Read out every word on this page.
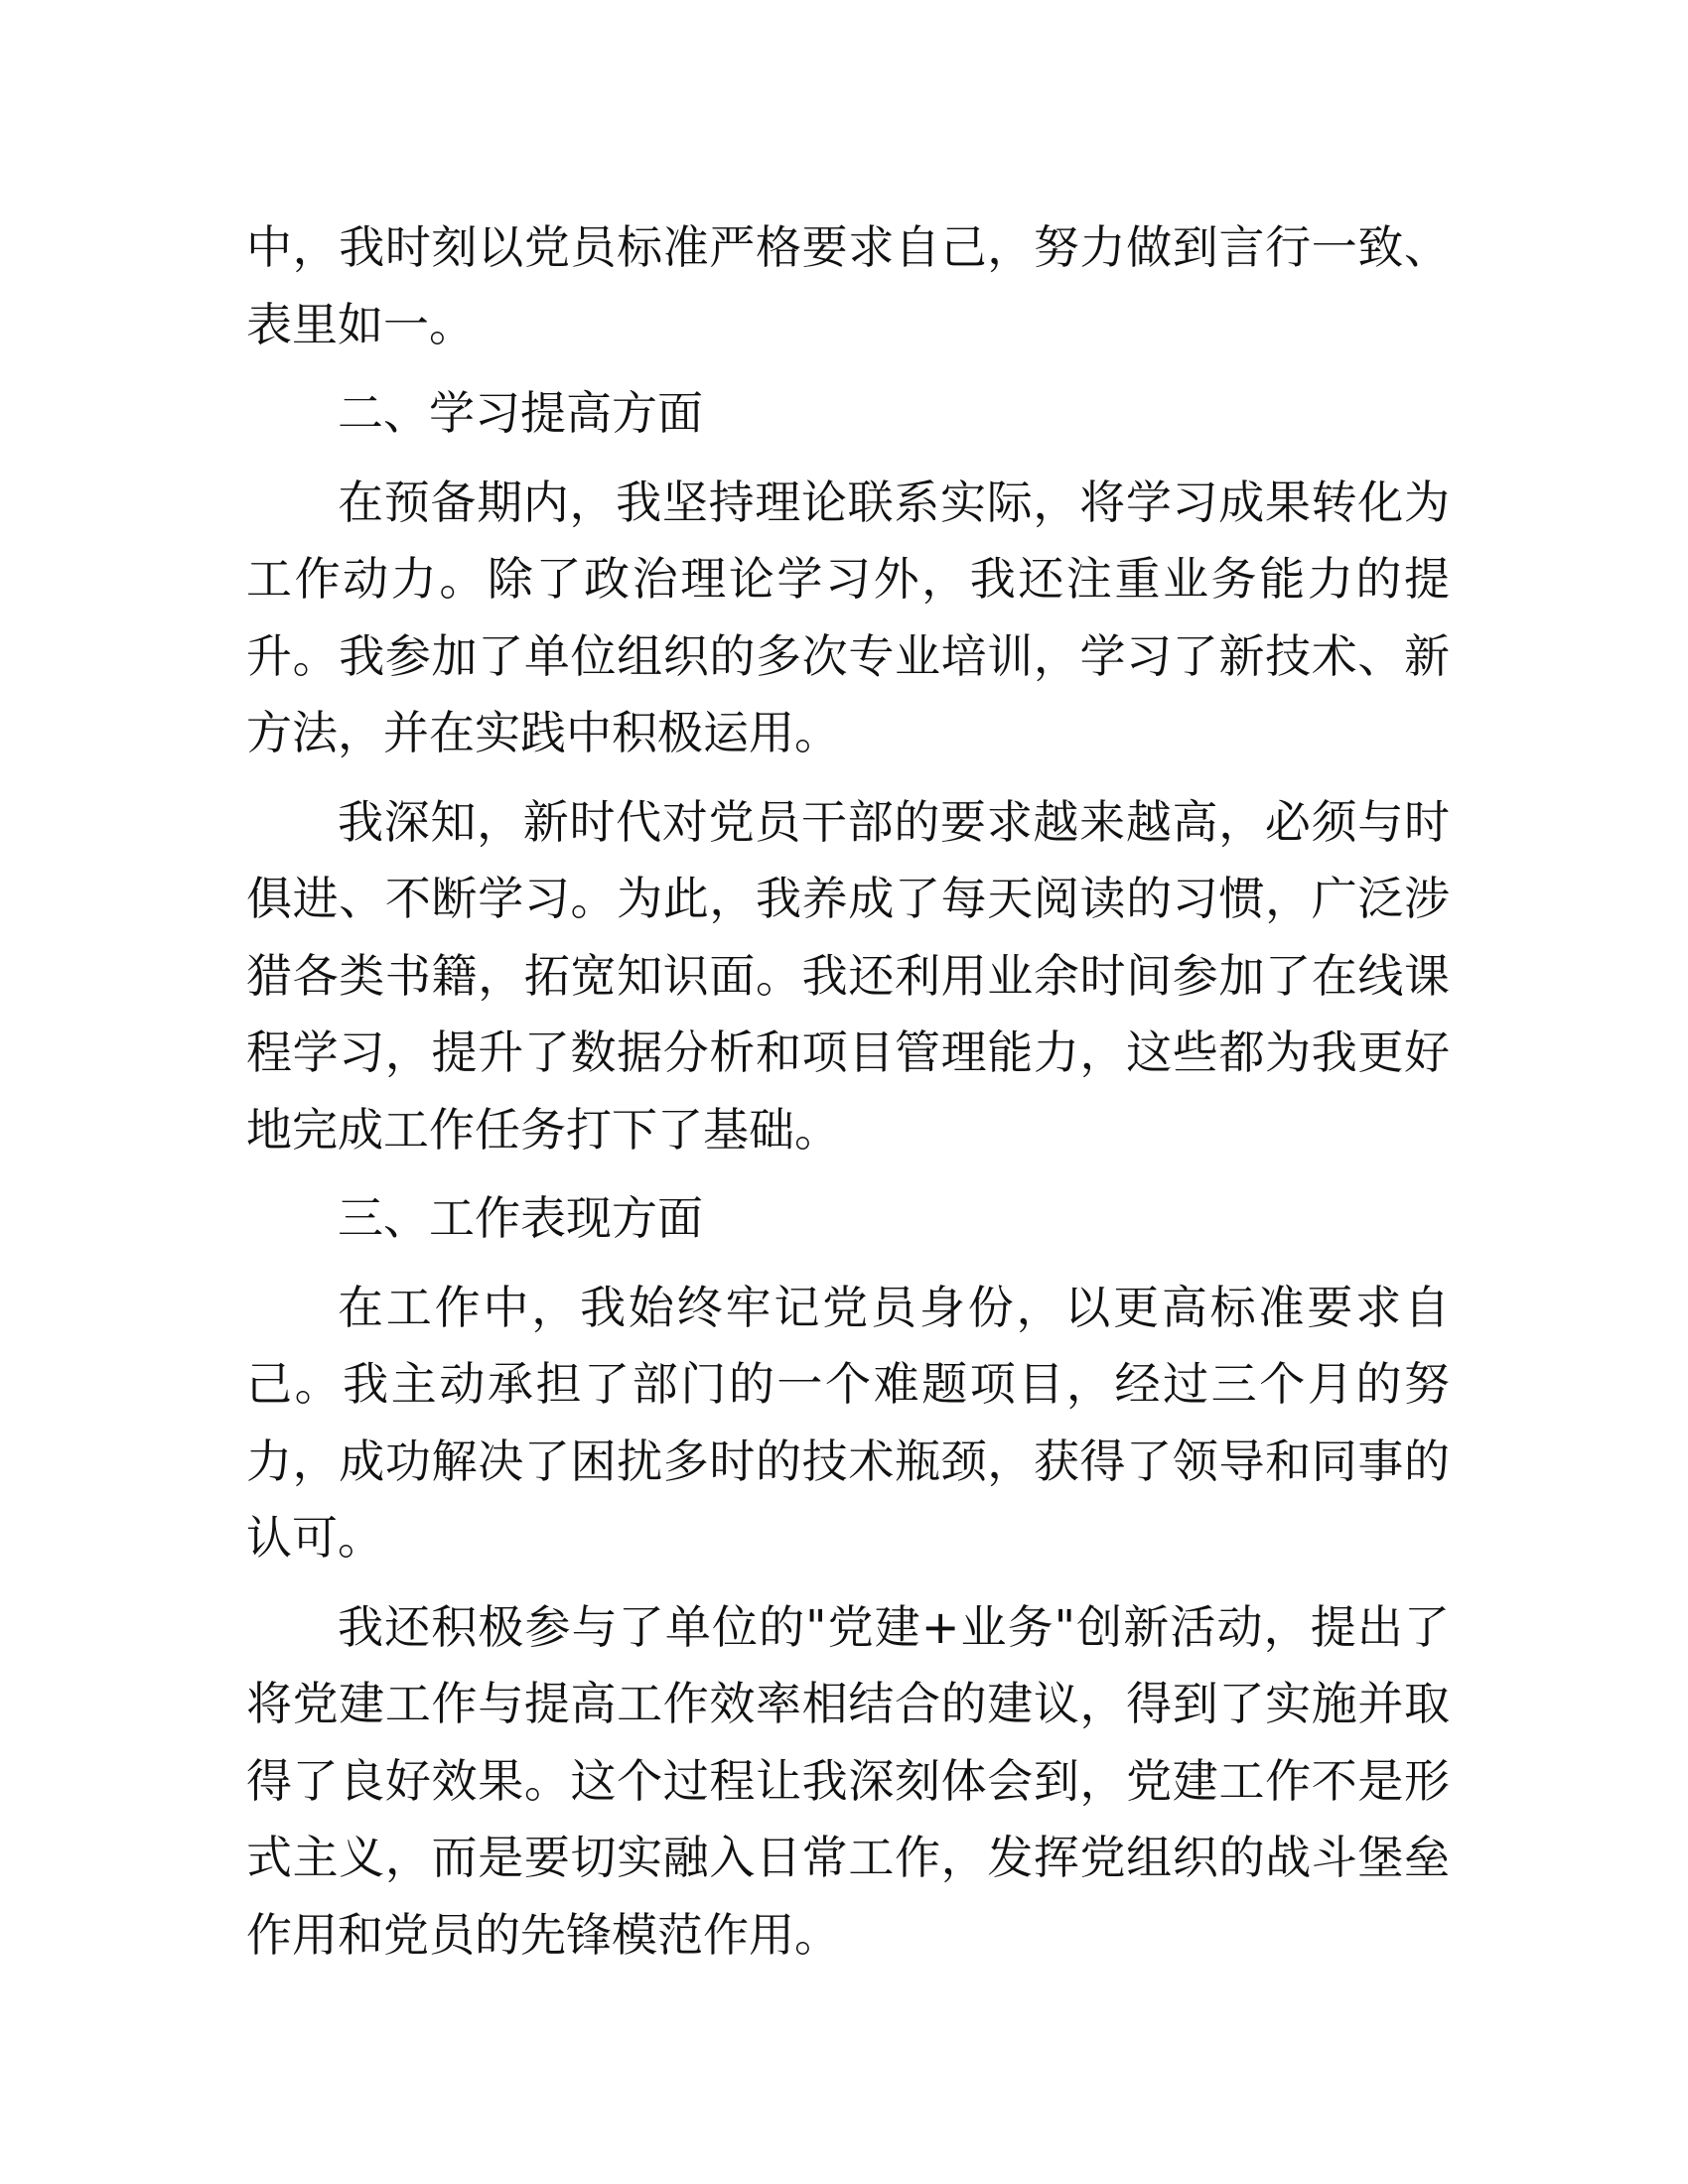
中，我时刻以党员标准严格要求自己，努力做到言行一致、表里如一。

二、学习提高方面

在预备期内，我坚持理论联系实际，将学习成果转化为工作动力。除了政治理论学习外，我还注重业务能力的提升。我参加了单位组织的多次专业培训，学习了新技术、新方法，并在实践中积极运用。

我深知，新时代对党员干部的要求越来越高，必须与时俱进、不断学习。为此，我养成了每天阅读的习惯，广泛涉猎各类书籍，拓宽知识面。我还利用业余时间参加了在线课程学习，提升了数据分析和项目管理能力，这些都为我更好地完成工作任务打下了基础。

三、工作表现方面

在工作中，我始终牢记党员身份，以更高标准要求自己。我主动承担了部门的一个难题项目，经过三个月的努力，成功解决了困扰多时的技术瓶颈，获得了领导和同事的认可。

我还积极参与了单位的"党建+业务"创新活动，提出了将党建工作与提高工作效率相结合的建议，得到了实施并取得了良好效果。这个过程让我深刻体会到，党建工作不是形式主义，而是要切实融入日常工作，发挥党组织的战斗堡垒作用和党员的先锋模范作用。
